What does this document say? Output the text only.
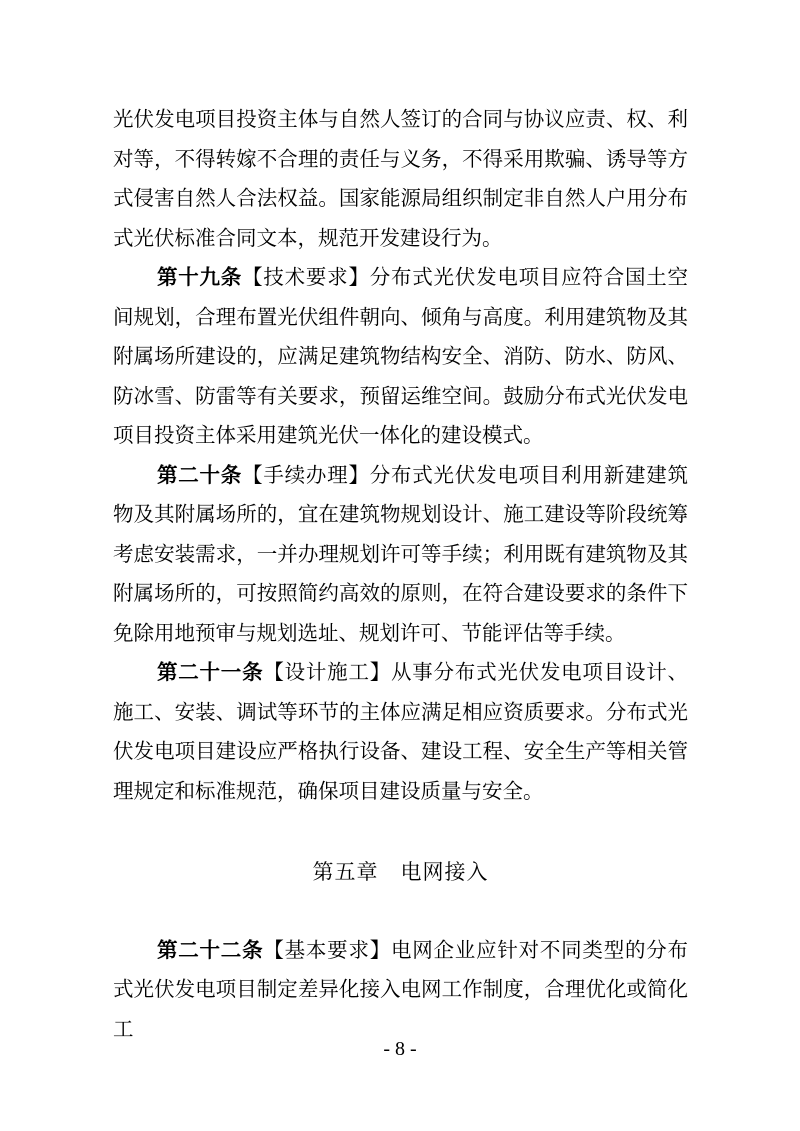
光伏发电项目投资主体与自然人签订的合同与协议应责、权、利对等，不得转嫁不合理的责任与义务，不得采用欺骗、诱导等方式侵害自然人合法权益。国家能源局组织制定非自然人户用分布式光伏标准合同文本，规范开发建设行为。

第十九条【技术要求】分布式光伏发电项目应符合国土空间规划，合理布置光伏组件朝向、倾角与高度。利用建筑物及其附属场所建设的，应满足建筑物结构安全、消防、防水、防风、防冰雪、防雷等有关要求，预留运维空间。鼓励分布式光伏发电项目投资主体采用建筑光伏一体化的建设模式。

第二十条【手续办理】分布式光伏发电项目利用新建建筑物及其附属场所的，宜在建筑物规划设计、施工建设等阶段统筹考虑安装需求，一并办理规划许可等手续；利用既有建筑物及其附属场所的，可按照简约高效的原则，在符合建设要求的条件下免除用地预审与规划选址、规划许可、节能评估等手续。

第二十一条【设计施工】从事分布式光伏发电项目设计、施工、安装、调试等环节的主体应满足相应资质要求。分布式光伏发电项目建设应严格执行设备、建设工程、安全生产等相关管理规定和标准规范，确保项目建设质量与安全。

第五章　电网接入

第二十二条【基本要求】电网企业应针对不同类型的分布式光伏发电项目制定差异化接入电网工作制度，合理优化或简化工

- 8 -
